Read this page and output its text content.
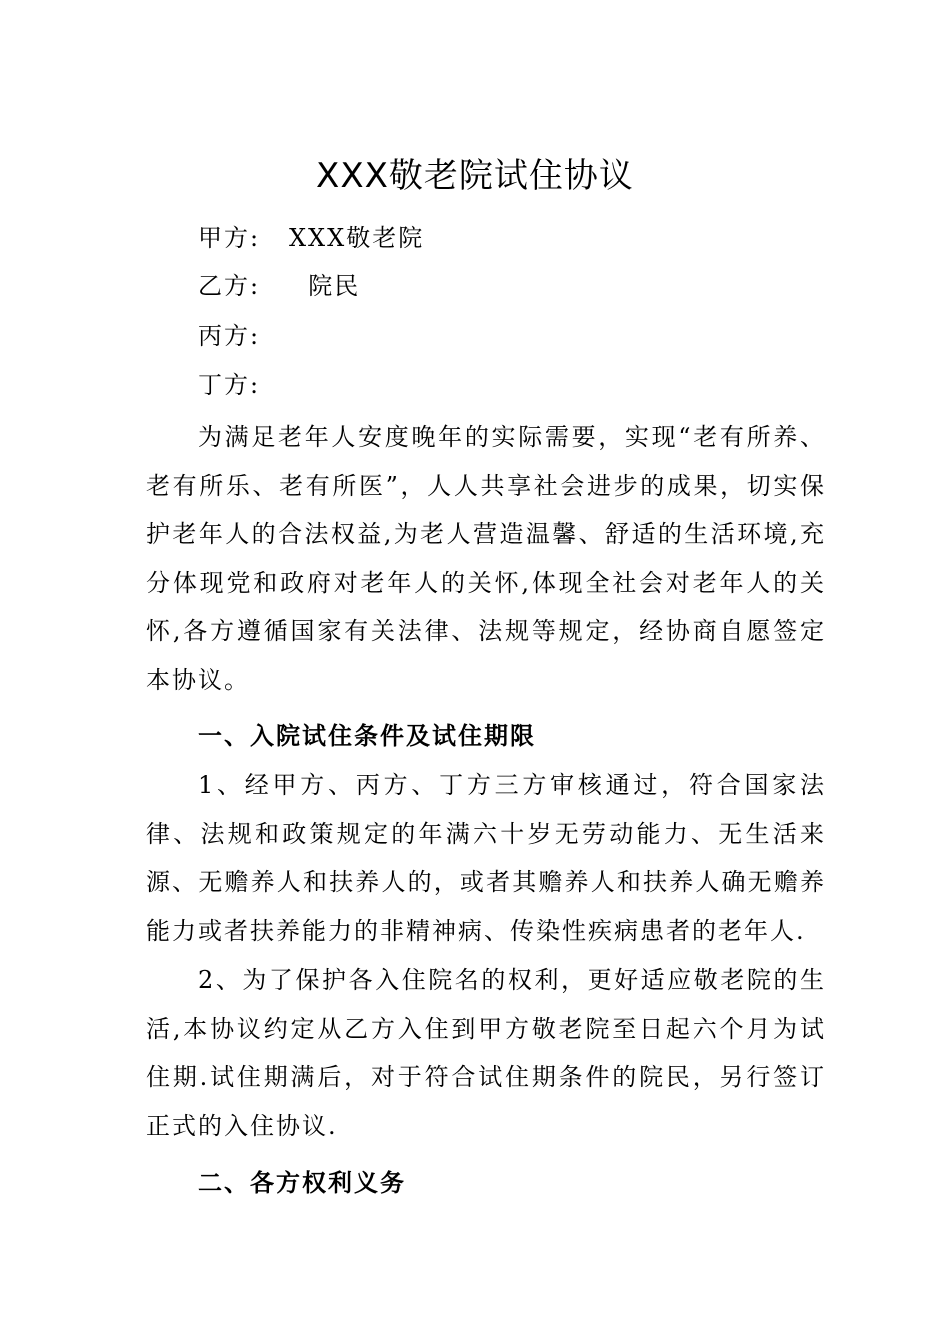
XXX敬老院试住协议
甲方:   XXX敬老院
乙方:     院民
丙方:
丁方:
为满足老年人安度晚年的实际需要，实现“老有所养、老有所乐、老有所医”，人人共享社会进步的成果，切实保护老年人的合法权益,为老人营造温馨、舒适的生活环境,充分体现党和政府对老年人的关怀,体现全社会对老年人的关怀,各方遵循国家有关法律、法规等规定，经协商自愿签定本协议。
一、入院试住条件及试住期限
1、经甲方、丙方、丁方三方审核通过，符合国家法律、法规和政策规定的年满六十岁无劳动能力、无生活来源、无赡养人和扶养人的，或者其赡养人和扶养人确无赡养能力或者扶养能力的非精神病、传染性疾病患者的老年人.
2、为了保护各入住院名的权利，更好适应敬老院的生活,本协议约定从乙方入住到甲方敬老院至日起六个月为试住期.试住期满后，对于符合试住期条件的院民，另行签订正式的入住协议.
二、各方权利义务
